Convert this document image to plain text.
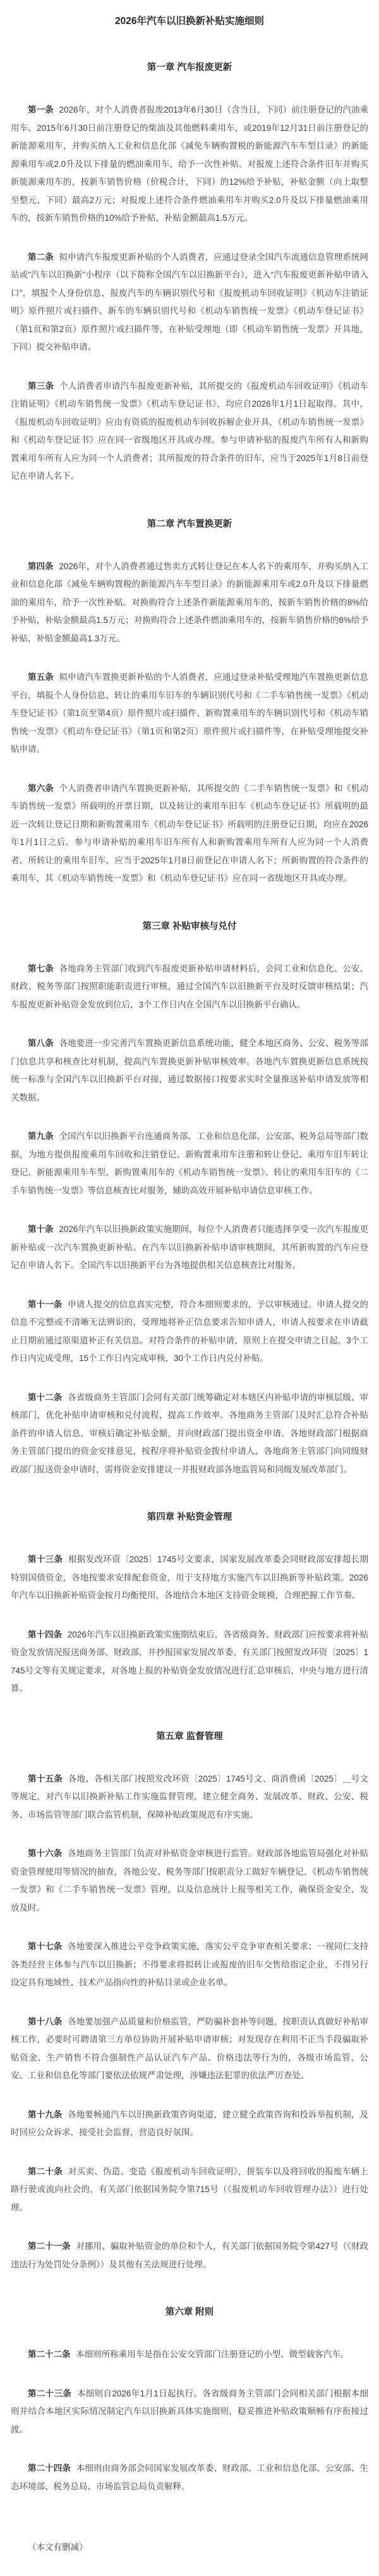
2026年汽车以旧换新补贴实施细则
第一章 汽车报废更新

第一条 2026年，对个人消费者报废2013年6月30日（含当日，下同）前注册登记的汽油乘用车、2015年6月30日前注册登记的柴油及其他燃料乘用车，或2019年12月31日前注册登记的新能源乘用车，并购买纳入工业和信息化部《减免车辆购置税的新能源汽车车型目录》的新能源乘用车或2.0升及以下排量的燃油乘用车，给予一次性补贴。对报废上述符合条件旧车并购买新能源乘用车的，按新车销售价格（价税合计，下同）的12%给予补贴，补贴金额（向上取整至整元，下同）最高2万元；对报废上述符合条件燃油乘用车并购买2.0升及以下排量燃油乘用车的，按新车销售价格的10%给予补贴，补贴金额最高1.5万元。

第二条 拟申请汽车报废更新补贴的个人消费者，应通过登录全国汽车流通信息管理系统网站或“汽车以旧换新”小程序（以下简称全国汽车以旧换新平台），进入“汽车报废更新补贴申请入口”，填报个人身份信息、报废汽车的车辆识别代号和《报废机动车回收证明》《机动车注销证明》原件照片或扫描件、新车的车辆识别代号和《机动车销售统一发票》《机动车登记证书》（第1页和第2页）原件照片或扫描件等，在补贴受理地（即《机动车销售统一发票》开具地，下同）提交补贴申请。

第三条 个人消费者申请汽车报废更新补贴，其所提交的《报废机动车回收证明》《机动车注销证明》《机动车销售统一发票》《机动车登记证书》，均应自2026年1月1日起取得。其中，《报废机动车回收证明》应由有资质的报废机动车回收拆解企业开具，《机动车销售统一发票》和《机动车登记证书》应在同一省级地区开具或办理。参与申请补贴的报废汽车所有人和新购置乘用车所有人应为同一个人消费者；其所报废的符合条件的旧车，应当于2025年1月8日前登记在申请人名下。

第二章 汽车置换更新

第四条 2026年，对个人消费者通过售卖方式转让登记在本人名下的乘用车，并购买纳入工业和信息化部《减免车辆购置税的新能源汽车车型目录》的新能源乘用车或2.0升及以下排量燃油的乘用车，给予一次性补贴。对换购符合上述条件新能源乘用车的，按新车销售价格的8%给予补贴，补贴金额最高1.5万元；对换购符合上述条件燃油乘用车的，按新车销售价格的6%给予补贴，补贴金额最高1.3万元。

第五条 拟申请汽车置换更新补贴的个人消费者，应通过登录补贴受理地汽车置换更新信息平台，填报个人身份信息、转让的乘用车旧车的车辆识别代号和《二手车销售统一发票》《机动车登记证书》（第1页至第4页）原件照片或扫描件、新购置乘用车的车辆识别代号和《机动车销售统一发票》《机动车登记证书》（第1页和第2页）原件照片或扫描件等，在补贴受理地提交补贴申请。

第六条 个人消费者申请汽车置换更新补贴，其所提交的《二手车销售统一发票》和《机动车销售统一发票》所载明的开票日期，以及转让的乘用车旧车《机动车登记证书》所载明的最近一次转让登记日期和新购置乘用车《机动车登记证书》所载明的注册登记日期，均应在2026年1月1日之后。参与申请补贴的乘用车旧车所有人和新购置乘用车所有人应为同一个人消费者。所转让的乘用车旧车，应当于2025年1月8日前登记在申请人名下；所新购置的符合条件的乘用车，其《机动车销售统一发票》和《机动车登记证书》应在同一省级地区开具或办理。

第三章 补贴审核与兑付

第七条 各地商务主管部门收到汽车报废更新补贴申请材料后，会同工业和信息化、公安、财政、税务等部门按照职能职责进行审核，通过全国汽车以旧换新平台及时反馈审核结果；汽车报废更新补贴资金发放到位后，3个工作日内在全国汽车以旧换新平台确认。

第八条 各地要进一步完善汽车置换更新信息系统功能，健全本地区商务、公安、税务等部门信息共享和核查比对机制，提高汽车置换更新补贴审核效率。各地汽车置换更新信息系统按统一标准与全国汽车以旧换新平台对接，通过数据接口按要求实时全量推送补贴申请发放等相关数据。

第九条 全国汽车以旧换新平台连通商务部、工业和信息化部、公安部、税务总局等部门数据，为地方提供报废乘用车回收和注销登记、新购置乘用车注册和转让登记、乘用车旧车转让登记、新能源乘用车车型、新购置乘用车的《机动车销售统一发票》、转让的乘用车旧车的《二手车销售统一发票》等信息核查比对服务，辅助高效开展补贴申请信息审核工作。

第十条 2026年汽车以旧换新政策实施期间，每位个人消费者只能选择享受一次汽车报废更新补贴或一次汽车置换更新补贴。在汽车以旧换新补贴申请审核期间，其所新购置的汽车应登记在申请人名下。全国汽车以旧换新平台为各地提供相关信息核查比对服务。

第十一条 申请人提交的信息真实完整，符合本细则要求的，予以审核通过。申请人提交的信息不完整或不清晰无法辨识的，受理地将补正信息要求告知申请人，申请人按要求在申请截止日期前通过原渠道补正有关信息。对符合条件的补贴申请，原则上在提交申请之日起，3个工作日内完成受理，15个工作日内完成审核，30个工作日内兑付补贴。

第十二条 各省级商务主管部门会同有关部门统筹确定对本辖区内补贴申请的审核层级、审核部门，优化补贴申请审核和兑付流程，提高工作效率。各地商务主管部门及时汇总符合补贴条件的申请人信息，审核后确定补贴金额，并向财政部门提出资金申请。各地财政部门根据商务主管部门提出的资金安排意见，按程序将补贴资金拨付申请人。各地商务主管部门向同级财政部门报送资金申请时，需将资金安排建议一并报财政部各地监管局和同级发展改革部门。

第四章 补贴资金管理

第十三条 根据发改环资〔2025〕1745号文要求，国家发展改革委会同财政部安排超长期特别国债资金，各地按要求安排配套资金，用于支持地方实施汽车以旧换新等补贴政策。2026年汽车以旧换新补贴资金按月均衡使用，各地结合本地区支持资金规模，合理把握工作节奏。

第十四条 2026年汽车以旧换新政策实施期结束后，各省级商务、财政部门应按要求将补贴资金发放情况报送商务部、财政部，并抄报国家发展改革委。有关部门按照发改环资〔2025〕1745号文等有关规定要求，对各地上报的补贴资金发放情况进行汇总审核后，中央与地方进行清算。

第五章 监督管理

第十五条 各地、各相关部门按照发改环资〔2025〕1745号文、商消费函〔2025〕＿号文等规定，对汽车以旧换新补贴工作实施监督管理，建立健全商务、发展改革、财政、公安、税务、市场监管等部门联合监管机制，保障补贴政策规范有序实施。

第十六条 各地商务主管部门负责对补贴资金审核进行监管。财政部各地监管局强化对补贴资金管理使用等情况的抽查，各地公安、税务等部门按职责分工做好车辆登记、《机动车销售统一发票》和《二手车销售统一发票》管理，以及信息统计上报等相关工作，确保资金安全、发放及时。

第十七条 各地要深入推进公平竞争政策实施，落实公平竞争审查相关要求；一视同仁支持各类经营主体参与汽车以旧换新；不得要求将拟转让或报废的旧车交售给指定企业，不得另行设定具有地域性、技术产品指向性的补贴目录或企业名单。

第十八条 各地要加强产品质量和价格监管，严防骗补套补等问题，按职责认真做好补贴审核工作，必要时可聘请第三方单位协助开展补贴申请审核；对发现存在利用不正当手段骗取补贴资金、生产销售不符合强制性产品认证汽车产品、价格违法等行为的，各级市场监管、公安、工业和信息化等部门要依法依规严肃处理，涉嫌违法犯罪的依法严厉查处。

第十九条 各地要畅通汽车以旧换新政策咨询渠道，建立健全政策咨询和投诉举报机制，及时回应公众诉求，接受社会监督，营造良好氛围。

第二十条 对买卖、伪造、变造《报废机动车回收证明》，拼装车以及将回收的报废车辆上路行驶或流向社会的，有关部门依据国务院令第715号（《报废机动车回收管理办法》）进行处理。

第二十一条 对挪用、骗取补贴资金的单位和个人，有关部门依据国务院令第427号（《财政违法行为处罚处分条例》）及其他有关法规进行处理。

第六章 附则

第二十二条 本细则所称乘用车是指在公安交管部门注册登记的小型、微型载客汽车。

第二十三条 本细则自2026年1月1日起执行。各省级商务主管部门会同相关部门根据本细则并结合本地区实际情况制定汽车以旧换新具体实施细则，稳妥推进补贴政策顺畅有序衔接过渡。

第二十四条 本细则由商务部会同国家发展改革委、财政部、工业和信息化部、公安部、生态环境部、税务总局、市场监管总局负责解释。

（本文有删减）
